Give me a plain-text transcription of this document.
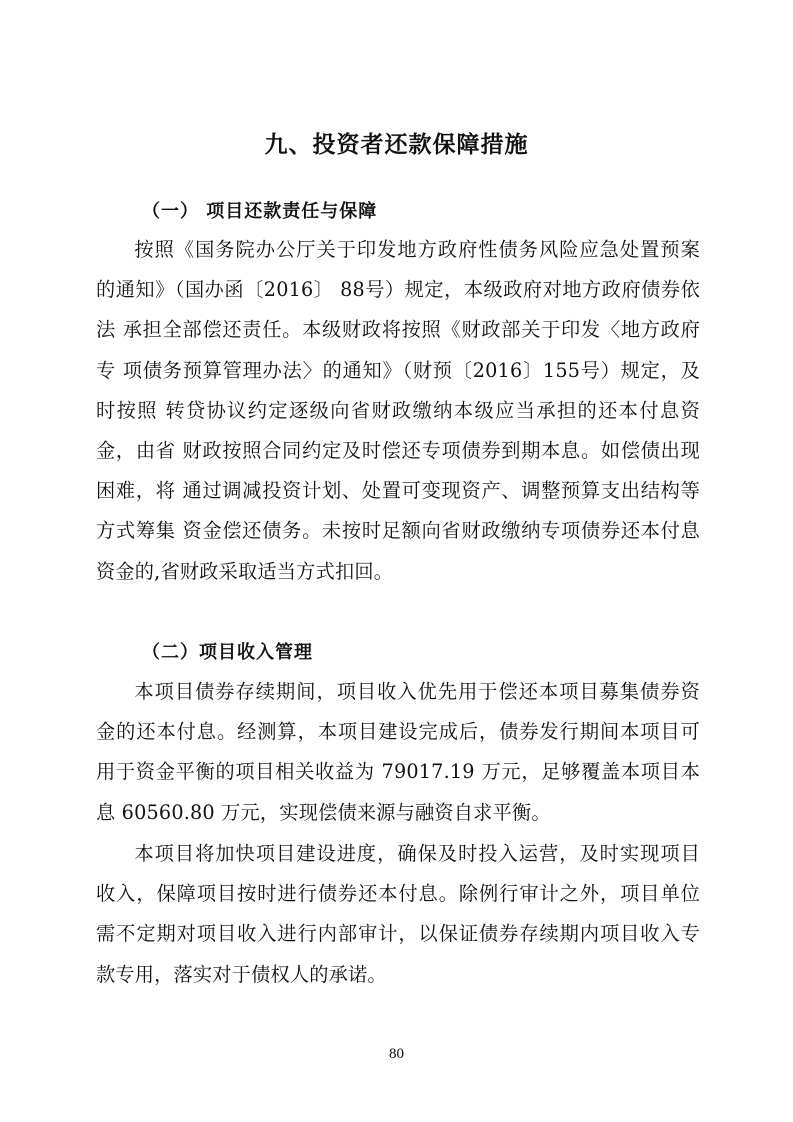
九、投资者还款保障措施
（一） 项目还款责任与保障

按照《国务院办公厅关于印发地方政府性债务风险应急处置预案 的通知》（国办函〔2016〕 88号）规定，本级政府对地方政府债券依法 承担全部偿还责任。本级财政将按照《财政部关于印发〈地方政府专 项债务预算管理办法〉的通知》（财预〔2016〕155号）规定，及时按照 转贷协议约定逐级向省财政缴纳本级应当承担的还本付息资金，由省 财政按照合同约定及时偿还专项债券到期本息。如偿债出现困难，将 通过调减投资计划、处置可变现资产、调整预算支出结构等方式筹集 资金偿还债务。未按时足额向省财政缴纳专项债券还本付息资金的,省财政采取适当方式扣回。

（二）项目收入管理

本项目债券存续期间，项目收入优先用于偿还本项目募集债券资 金的还本付息。经测算，本项目建设完成后，债券发行期间本项目可 用于资金平衡的项目相关收益为 79017.19 万元，足够覆盖本项目本息 60560.80 万元，实现偿债来源与融资自求平衡。

本项目将加快项目建设进度，确保及时投入运营，及时实现项目 收入，保障项目按时进行债券还本付息。除例行审计之外，项目单位 需不定期对项目收入进行内部审计，以保证债券存续期内项目收入专 款专用，落实对于债权人的承诺。

80
